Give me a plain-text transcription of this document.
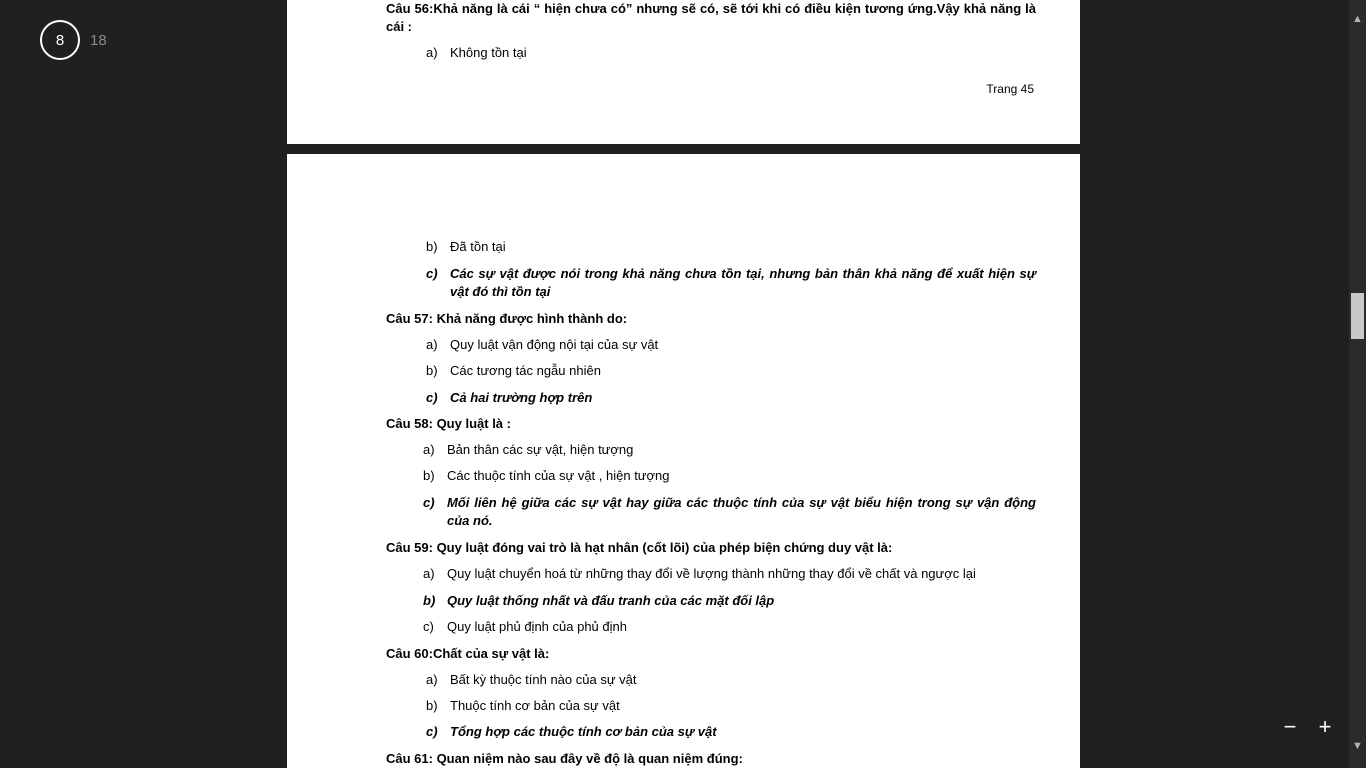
8	18
Câu 56:Khả năng là cái “ hiện chưa có” nhưng sẽ có, sẽ tới khi có điều kiện tương ứng.Vậy khả năng là cái :
a) Không tồn tại
Trang 45
b) Đã tồn tại
c) Các sự vật được nói trong khả năng chưa tồn tại, nhưng bản thân khả năng để xuất hiện sự vật đó thì tồn tại
Câu 57: Khả năng được hình thành do:
a) Quy luật vận động nội tại của sự vật
b) Các tương tác ngẫu nhiên
c) Cả hai trường hợp trên
Câu 58: Quy luật là :
a) Bản thân các sự vật, hiện tượng
b) Các thuộc tính của sự vật , hiện tượng
c) Mối liên hệ giữa các sự vật hay giữa các thuộc tính của sự vật biểu hiện trong sự vận động của nó.
Câu 59: Quy luật đóng vai trò là hạt nhân (cốt lõi) của phép biện chứng duy vật là:
a) Quy luật chuyển hoá từ những thay đổi về lượng thành những thay đổi về chất và ngược lại
b) Quy luật thống nhất và đấu tranh của các mặt đối lập
c)	Quy luật phủ định của phủ định
Câu 60:Chất của sự vật là:
a) Bất kỳ thuộc tính nào của sự vật
b) Thuộc tính cơ bản của sự vật
c) Tổng hợp các thuộc tính cơ bản của sự vật
Câu 61: Quan niệm nào sau đây về độ là quan niệm đúng:
▲
▼
− +
